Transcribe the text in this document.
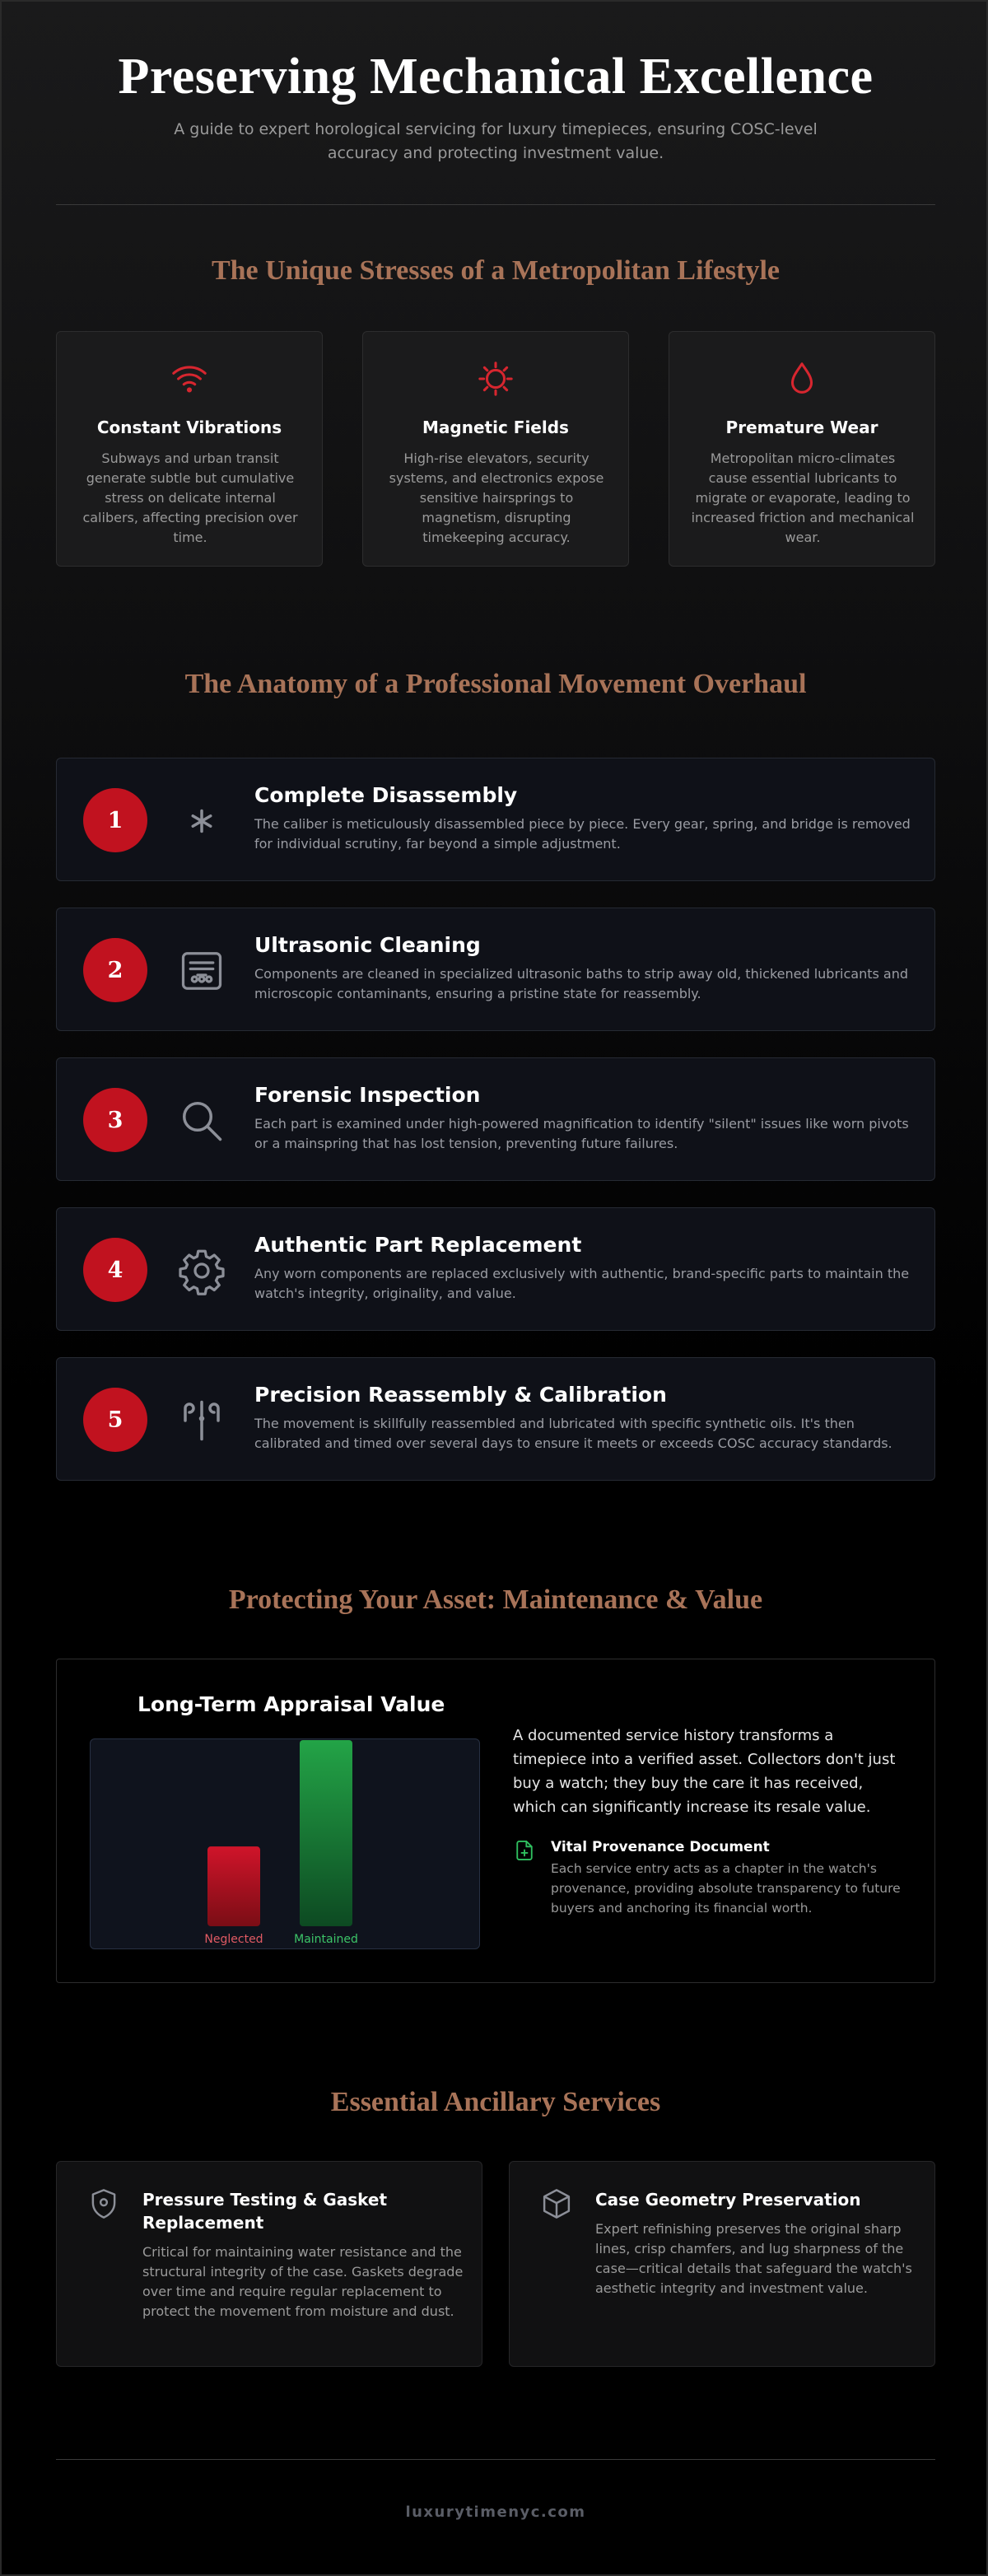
Preserving Mechanical Excellence

A guide to expert horological servicing for luxury timepieces, ensuring COSC-level accuracy and protecting investment value.

The Unique Stresses of a Metropolitan Lifestyle
Constant Vibrations
Subways and urban transit generate subtle but cumulative stress on delicate internal calibers, affecting precision over time.
Magnetic Fields
High-rise elevators, security systems, and electronics expose sensitive hairsprings to magnetism, disrupting timekeeping accuracy.
Premature Wear
Metropolitan micro-climates cause essential lubricants to migrate or evaporate, leading to increased friction and mechanical wear.
The Anatomy of a Professional Movement Overhaul
1
Complete Disassembly
The caliber is meticulously disassembled piece by piece. Every gear, spring, and bridge is removed for individual scrutiny, far beyond a simple adjustment.
2
Ultrasonic Cleaning
Components are cleaned in specialized ultrasonic baths to strip away old, thickened lubricants and microscopic contaminants, ensuring a pristine state for reassembly.
3
Forensic Inspection
Each part is examined under high-powered magnification to identify "silent" issues like worn pivots or a mainspring that has lost tension, preventing future failures.
4
Authentic Part Replacement
Any worn components are replaced exclusively with authentic, brand-specific parts to maintain the watch's integrity, originality, and value.
5
Precision Reassembly & Calibration
The movement is skillfully reassembled and lubricated with specific synthetic oils. It's then calibrated and timed over several days to ensure it meets or exceeds COSC accuracy standards.
Protecting Your Asset: Maintenance & Value
Long-Term Appraisal Value
Neglected	Maintained

A documented service history transforms a timepiece into a verified asset. Collectors don't just buy a watch; they buy the care it has received, which can significantly increase its resale value.

Vital Provenance Document
Each service entry acts as a chapter in the watch's provenance, providing absolute transparency to future buyers and anchoring its financial worth.
Essential Ancillary Services
Pressure Testing & Gasket Replacement
Critical for maintaining water resistance and the structural integrity of the case. Gaskets degrade over time and require regular replacement to protect the movement from moisture and dust.
Case Geometry Preservation
Expert refinishing preserves the original sharp lines, crisp chamfers, and lug sharpness of the case—critical details that safeguard the watch's aesthetic integrity and investment value.
luxurytimenyc.com
